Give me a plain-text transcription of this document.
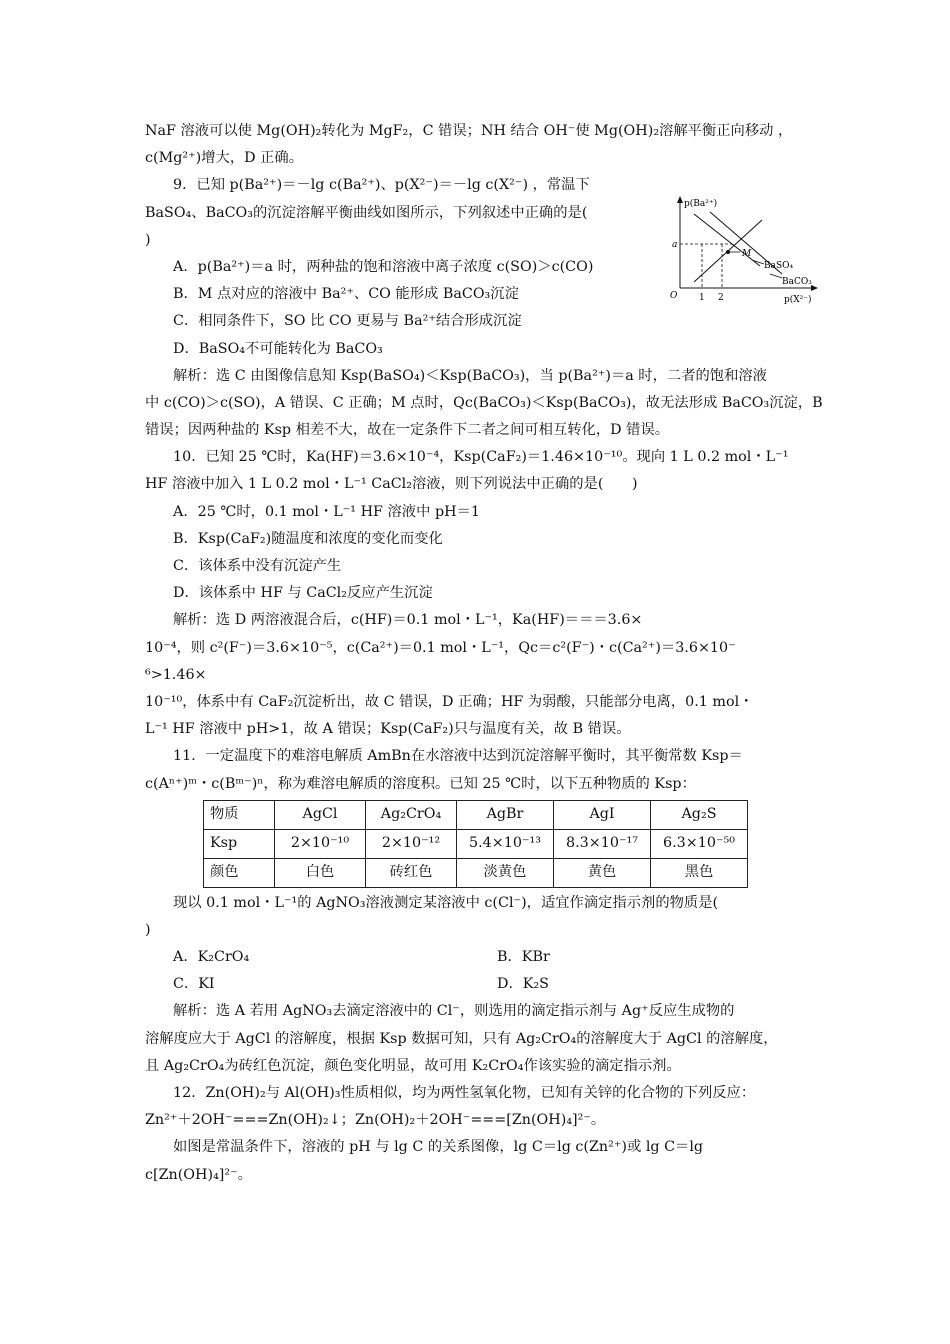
NaF 溶液可以使 Mg(OH)₂转化为 MgF₂，C 错误；NH 结合 OH⁻使 Mg(OH)₂溶解平衡正向移动 ，
c(Mg²⁺)增大，D 正确。
9．已知 p(Ba²⁺)＝－lg c(Ba²⁺)、p(X²⁻)＝－lg c(X²⁻) ，常温下
BaSO₄、BaCO₃的沉淀溶解平衡曲线如图所示，下列叙述中正确的是(
)
A．p(Ba²⁺)＝a 时，两种盐的饱和溶液中离子浓度 c(SO)＞c(CO)
B．M 点对应的溶液中 Ba²⁺、CO 能形成 BaCO₃沉淀
C．相同条件下，SO 比 CO 更易与 Ba²⁺结合形成沉淀
D．BaSO₄不可能转化为 BaCO₃
解析：选 C 由图像信息知 Ksp(BaSO₄)＜Ksp(BaCO₃)，当 p(Ba²⁺)＝a 时，二者的饱和溶液
中 c(CO)＞c(SO)，A 错误、C 正确；M 点时，Qc(BaCO₃)＜Ksp(BaCO₃)，故无法形成 BaCO₃沉淀，B
错误；因两种盐的 Ksp 相差不大，故在一定条件下二者之间可相互转化，D 错误。
10．已知 25 ℃时，Ka(HF)＝3.6×10⁻⁴，Ksp(CaF₂)＝1.46×10⁻¹⁰。现向 1 L 0.2 mol・L⁻¹
HF 溶液中加入 1 L 0.2 mol・L⁻¹ CaCl₂溶液，则下列说法中正确的是(　　)
A．25 ℃时，0.1 mol・L⁻¹ HF 溶液中 pH＝1
B．Ksp(CaF₂)随温度和浓度的变化而变化
C．该体系中没有沉淀产生
D．该体系中 HF 与 CaCl₂反应产生沉淀
解析：选 D 两溶液混合后，c(HF)＝0.1 mol・L⁻¹，Ka(HF)＝＝＝3.6×
10⁻⁴，则 c²(F⁻)＝3.6×10⁻⁵，c(Ca²⁺)＝0.1 mol・L⁻¹，Qc＝c²(F⁻)・c(Ca²⁺)＝3.6×10⁻
⁶>1.46×
10⁻¹⁰，体系中有 CaF₂沉淀析出，故 C 错误，D 正确；HF 为弱酸，只能部分电离，0.1 mol・
L⁻¹ HF 溶液中 pH>1，故 A 错误；Ksp(CaF₂)只与温度有关，故 B 错误。
11．一定温度下的难溶电解质 AmBn在水溶液中达到沉淀溶解平衡时，其平衡常数 Ksp＝
c(Aⁿ⁺)ᵐ・c(Bᵐ⁻)ⁿ，称为难溶电解质的溶度积。已知 25 ℃时，以下五种物质的 Ksp：
物质	AgCl	Ag₂CrO₄	AgBr	AgI	Ag₂S
Ksp	2×10⁻¹⁰	2×10⁻¹²	5.4×10⁻¹³	8.3×10⁻¹⁷	6.3×10⁻⁵⁰
颜色	白色	砖红色	淡黄色	黄色	黑色
现以 0.1 mol・L⁻¹的 AgNO₃溶液测定某溶液中 c(Cl⁻)，适宜作滴定指示剂的物质是(
)
A．K₂CrO₄	B．KBr
C．KI	D．K₂S
解析：选 A 若用 AgNO₃去滴定溶液中的 Cl⁻，则选用的滴定指示剂与 Ag⁺反应生成物的
溶解度应大于 AgCl 的溶解度，根据 Ksp 数据可知，只有 Ag₂CrO₄的溶解度大于 AgCl 的溶解度，
且 Ag₂CrO₄为砖红色沉淀，颜色变化明显，故可用 K₂CrO₄作该实验的滴定指示剂。
12．Zn(OH)₂与 Al(OH)₃性质相似，均为两性氢氧化物，已知有关锌的化合物的下列反应：
Zn²⁺＋2OH⁻===Zn(OH)₂↓；Zn(OH)₂＋2OH⁻===[Zn(OH)₄]²⁻。
如图是常温条件下，溶液的 pH 与 lg C 的关系图像，lg C＝lg c(Zn²⁺)或 lg C＝lg
c[Zn(OH)₄]²⁻。
p(Ba²⁺)
p(X²⁻)
O
a
1 2
M
BaSO₄
BaCO₃
